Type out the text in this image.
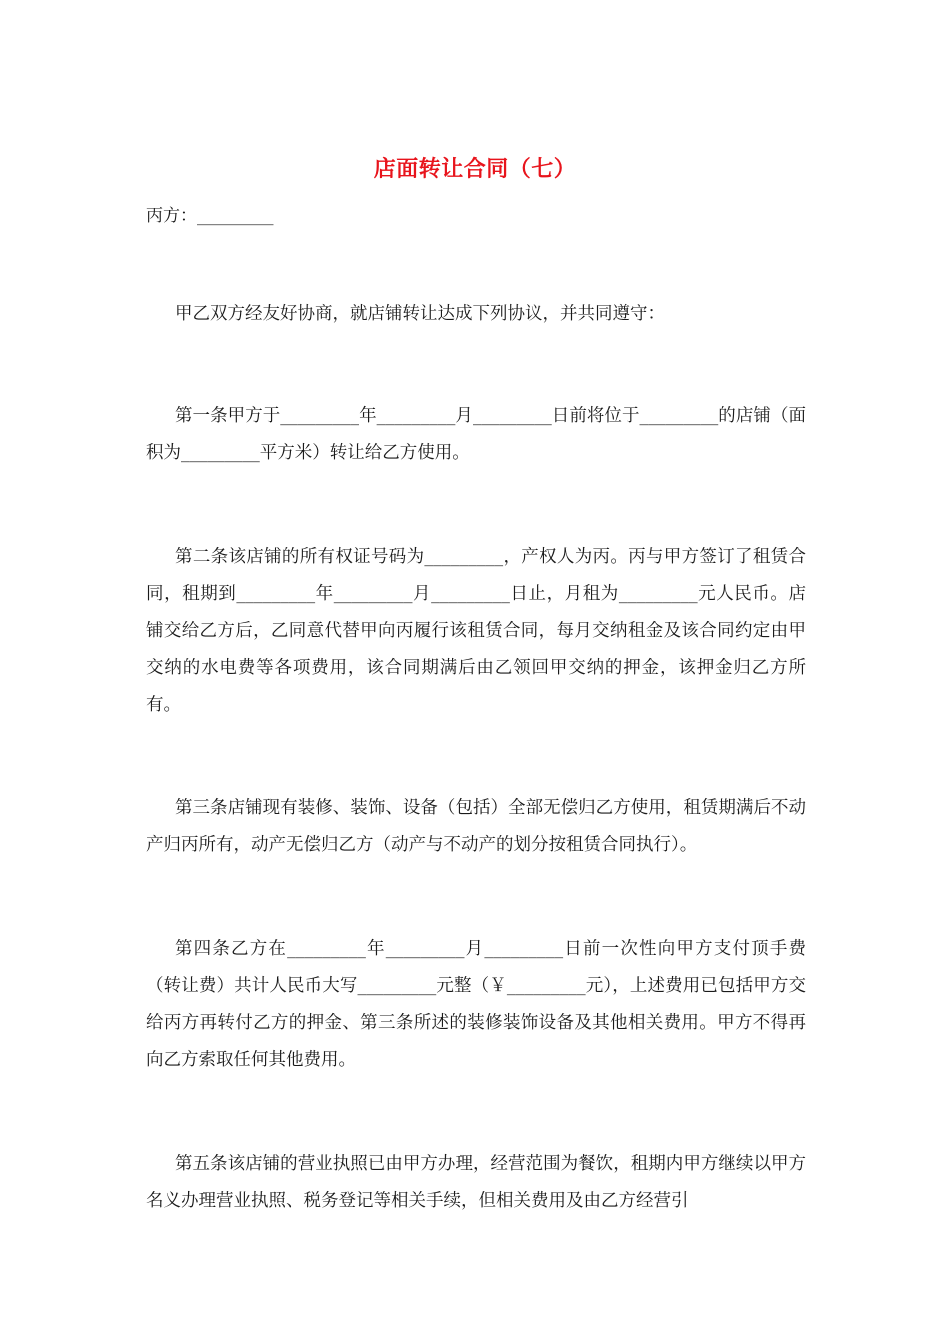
店面转让合同（七）

丙方：_________

甲乙双方经友好协商，就店铺转让达成下列协议，并共同遵守：

第一条甲方于_________年_________月_________日前将位于_________的店铺（面积为_________平方米）转让给乙方使用。

第二条该店铺的所有权证号码为_________，产权人为丙。丙与甲方签订了租赁合同，租期到_________年_________月_________日止，月租为_________元人民币。店铺交给乙方后，乙同意代替甲向丙履行该租赁合同，每月交纳租金及该合同约定由甲交纳的水电费等各项费用，该合同期满后由乙领回甲交纳的押金，该押金归乙方所有。

第三条店铺现有装修、装饰、设备（包括）全部无偿归乙方使用，租赁期满后不动产归丙所有，动产无偿归乙方（动产与不动产的划分按租赁合同执行）。

第四条乙方在_________年_________月_________日前一次性向甲方支付顶手费（转让费）共计人民币大写_________元整（￥_________元），上述费用已包括甲方交给丙方再转付乙方的押金、第三条所述的装修装饰设备及其他相关费用。甲方不得再向乙方索取任何其他费用。

第五条该店铺的营业执照已由甲方办理，经营范围为餐饮，租期内甲方继续以甲方名义办理营业执照、税务登记等相关手续，但相关费用及由乙方经营引
